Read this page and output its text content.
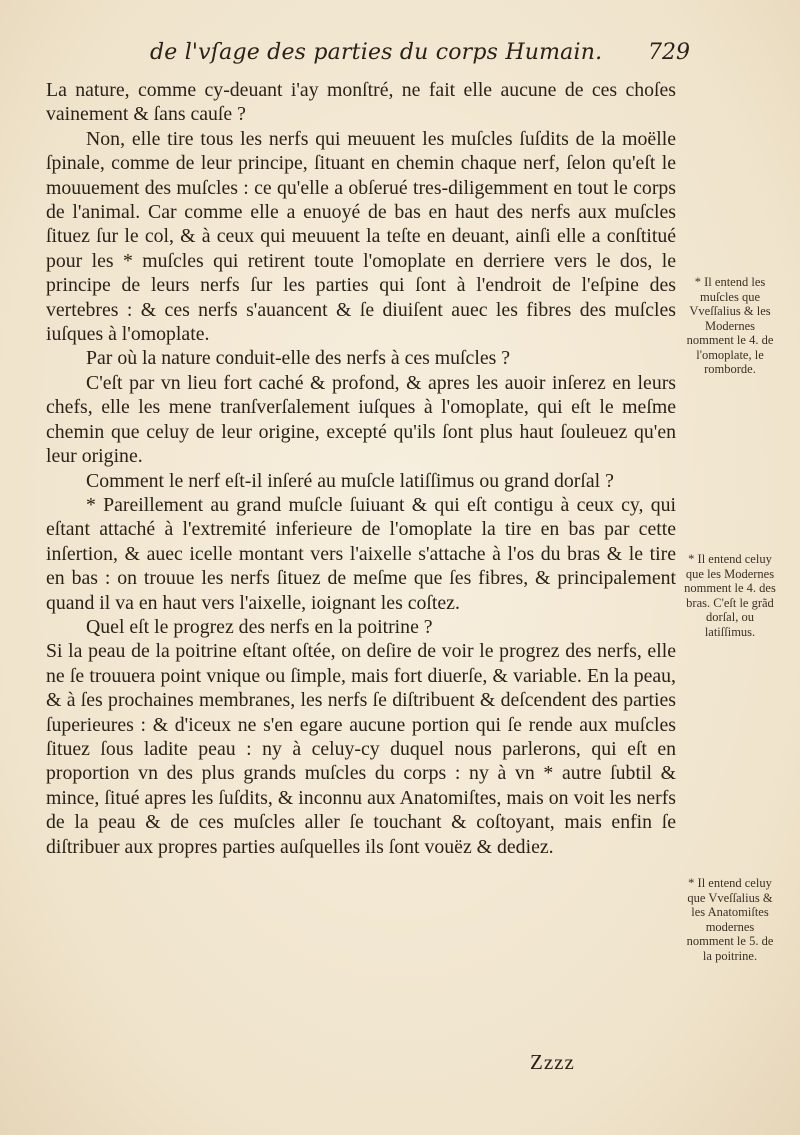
de l'vſage des parties du corps Humain. 729

La nature, comme cy-deuant i'ay monſtré, ne fait elle aucune de ces choſes vainement & ſans cauſe ?

Non, elle tire tous les nerfs qui meuuent les muſcles ſuſdits de la moëlle ſpinale, comme de leur principe, ſituant en chemin chaque nerf, ſelon qu'eſt le mouuement des muſcles : ce qu'elle a obſerué tres-diligemment en tout le corps de l'animal. Car comme elle a enuoyé de bas en haut des nerfs aux muſcles ſituez ſur le col, & à ceux qui meuuent la teſte en deuant, ainſi elle a conſtitué pour les * muſcles qui retirent toute l'omoplate en derriere vers le dos, le principe de leurs nerfs ſur les parties qui ſont à l'endroit de l'eſpine des vertebres : & ces nerfs s'auancent & ſe diuiſent auec les fibres des muſcles iuſques à l'omoplate.

Par où la nature conduit-elle des nerfs à ces muſcles ?

C'eſt par vn lieu fort caché & profond, & apres les auoir inſerez en leurs chefs, elle les mene tranſverſalement iuſques à l'omoplate, qui eſt le meſme chemin que celuy de leur origine, excepté qu'ils ſont plus haut ſouleuez qu'en leur origine.

Comment le nerf eſt-il inſeré au muſcle latiſſimus ou grand dorſal ?

* Pareillement au grand muſcle ſuiuant & qui eſt contigu à ceux cy, qui eſtant attaché à l'extremité inferieure de l'omoplate la tire en bas par cette inſertion, & auec icelle montant vers l'aixelle s'attache à l'os du bras & le tire en bas : on trouue les nerfs ſituez de meſme que ſes fibres, & principalement quand il va en haut vers l'aixelle, ioignant les coſtez.

Quel eſt le progrez des nerfs en la poitrine ?

Si la peau de la poitrine eſtant oſtée, on deſire de voir le progrez des nerfs, elle ne ſe trouuera point vnique ou ſimple, mais fort diuerſe, & variable. En la peau, & à ſes prochaines membranes, les nerfs ſe diſtribuent & deſcendent des parties ſuperieures : & d'iceux ne s'en egare aucune portion qui ſe rende aux muſcles ſituez ſous ladite peau : ny à celuy-cy duquel nous parlerons, qui eſt en proportion vn des plus grands muſcles du corps : ny à vn * autre ſubtil & mince, ſitué apres les ſuſdits, & inconnu aux Anatomiſtes, mais on voit les nerfs de la peau & de ces muſcles aller ſe touchant & coſtoyant, mais enfin ſe diſtribuer aux propres parties auſquelles ils ſont vouëz & dediez.

* Il entend les muſcles que Vveſſalius & les Modernes nomment le 4. de l'omoplate, le romborde.
* Il entend celuy que les Modernes nomment le 4. des bras. C'eſt le grãd dorſal, ou latiſſimus.
* Il entend celuy que Vveſſalius & les Anatomiſtes modernes nomment le 5. de la poitrine.
Zzzz
